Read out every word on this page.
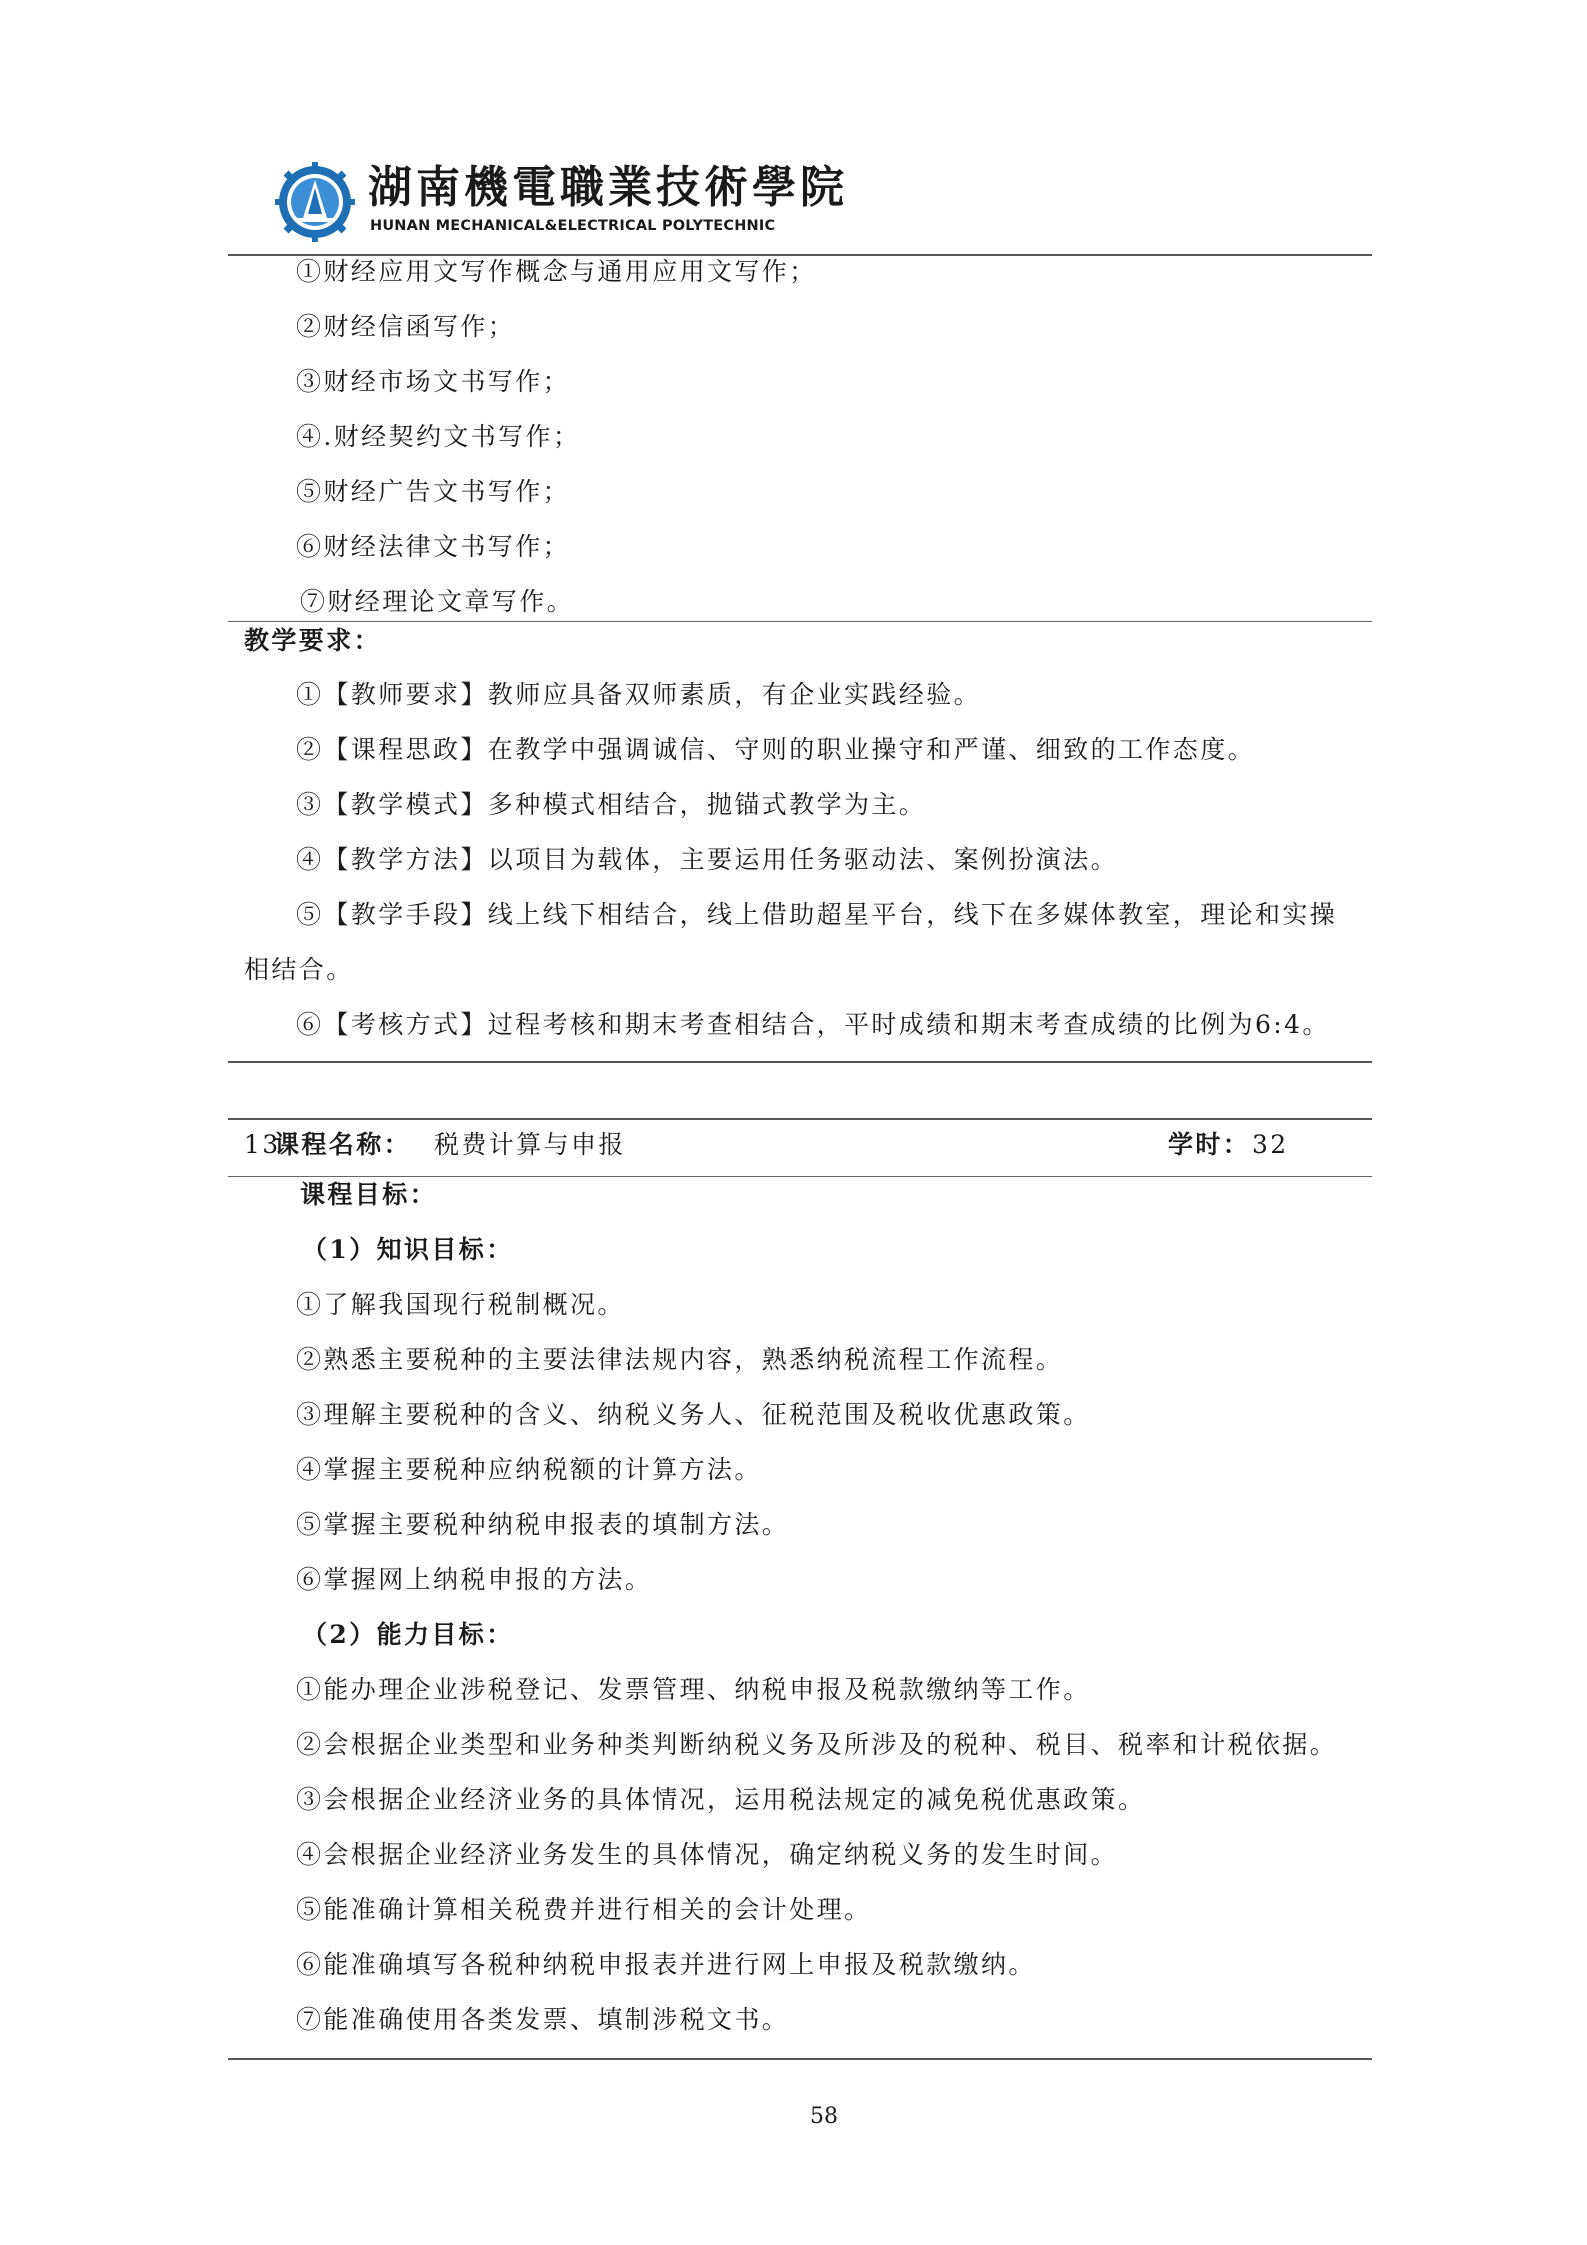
湖南機電職業技術學院
HUNAN MECHANICAL&ELECTRICAL POLYTECHNIC
①财经应用文写作概念与通用应用文写作；
②财经信函写作；
③财经市场文书写作；
④.财经契约文书写作；
⑤财经广告文书写作；
⑥财经法律文书写作；
⑦财经理论文章写作。
教学要求：
①【教师要求】教师应具备双师素质，有企业实践经验。
②【课程思政】在教学中强调诚信、守则的职业操守和严谨、细致的工作态度。
③【教学模式】多种模式相结合，抛锚式教学为主。
④【教学方法】以项目为载体，主要运用任务驱动法、案例扮演法。
⑤【教学手段】线上线下相结合，线上借助超星平台，线下在多媒体教室，理论和实操
相结合。
⑥【考核方式】过程考核和期末考查相结合，平时成绩和期末考查成绩的比例为6:4。
13
课程名称： 税费计算与申报	学时： 32
课程目标：
（1）知识目标：
①了解我国现行税制概况。
②熟悉主要税种的主要法律法规内容，熟悉纳税流程工作流程。
③理解主要税种的含义、纳税义务人、征税范围及税收优惠政策。
④掌握主要税种应纳税额的计算方法。
⑤掌握主要税种纳税申报表的填制方法。
⑥掌握网上纳税申报的方法。
（2）能力目标：
①能办理企业涉税登记、发票管理、纳税申报及税款缴纳等工作。
②会根据企业类型和业务种类判断纳税义务及所涉及的税种、税目、税率和计税依据。
③会根据企业经济业务的具体情况，运用税法规定的减免税优惠政策。
④会根据企业经济业务发生的具体情况，确定纳税义务的发生时间。
⑤能准确计算相关税费并进行相关的会计处理。
⑥能准确填写各税种纳税申报表并进行网上申报及税款缴纳。
⑦能准确使用各类发票、填制涉税文书。
58
